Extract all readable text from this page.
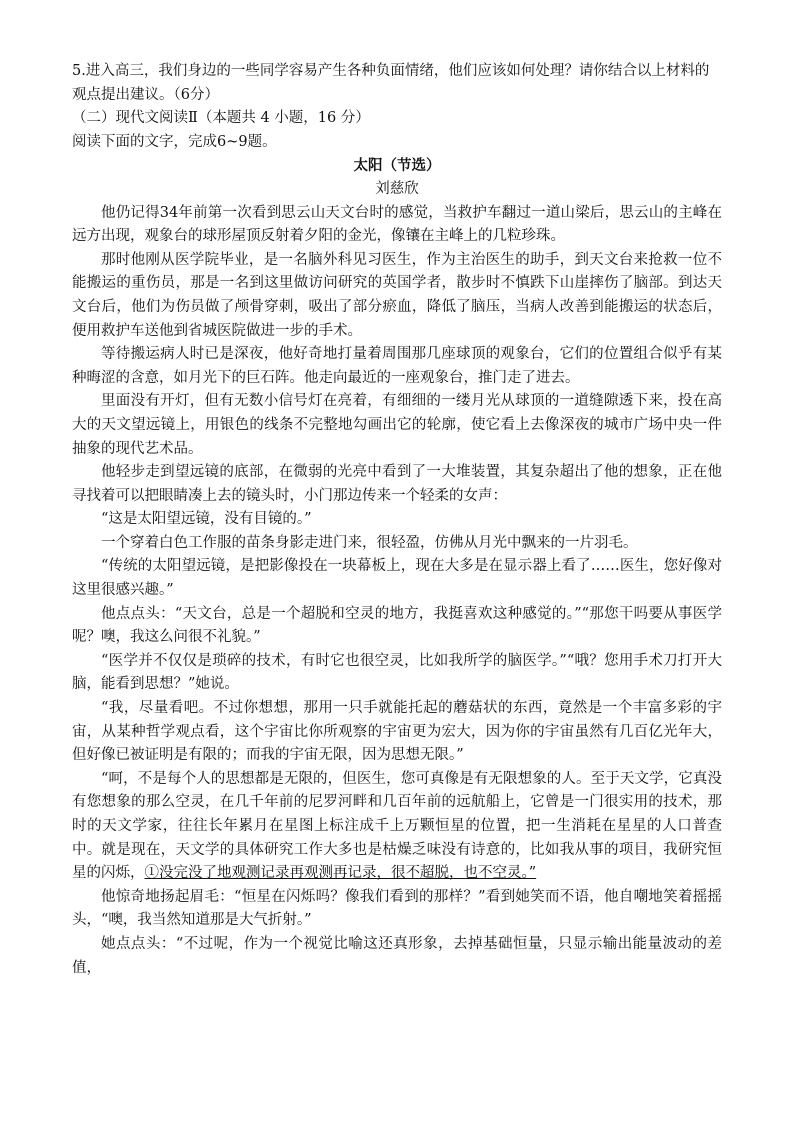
5.进入高三，我们身边的一些同学容易产生各种负面情绪，他们应该如何处理？请你结合以上材料的观点提出建议。（6分）

（二）现代文阅读Ⅱ（本题共 4 小题，16 分）

阅读下面的文字，完成6~9题。

太阳（节选）

刘慈欣

他仍记得34年前第一次看到思云山天文台时的感觉，当救护车翻过一道山梁后，思云山的主峰在远方出现，观象台的球形屋顶反射着夕阳的金光，像镶在主峰上的几粒珍珠。

那时他刚从医学院毕业，是一名脑外科见习医生，作为主治医生的助手，到天文台来抢救一位不能搬运的重伤员，那是一名到这里做访问研究的英国学者，散步时不慎跌下山崖摔伤了脑部。到达天文台后，他们为伤员做了颅骨穿刺，吸出了部分瘀血，降低了脑压，当病人改善到能搬运的状态后，便用救护车送他到省城医院做进一步的手术。

等待搬运病人时已是深夜，他好奇地打量着周围那几座球顶的观象台，它们的位置组合似乎有某种晦涩的含意，如月光下的巨石阵。他走向最近的一座观象台，推门走了进去。

里面没有开灯，但有无数小信号灯在亮着，有细细的一缕月光从球顶的一道缝隙透下来，投在高大的天文望远镜上，用银色的线条不完整地勾画出它的轮廓，使它看上去像深夜的城市广场中央一件抽象的现代艺术品。

他轻步走到望远镜的底部，在微弱的光亮中看到了一大堆装置，其复杂超出了他的想象，正在他寻找着可以把眼睛凑上去的镜头时，小门那边传来一个轻柔的女声：

“这是太阳望远镜，没有目镜的。”

一个穿着白色工作服的苗条身影走进门来，很轻盈，仿佛从月光中飘来的一片羽毛。

“传统的太阳望远镜，是把影像投在一块幕板上，现在大多是在显示器上看了……医生，您好像对这里很感兴趣。”

他点点头：“天文台，总是一个超脱和空灵的地方，我挺喜欢这种感觉的。”“那您干吗要从事医学呢？噢，我这么问很不礼貌。”

“医学并不仅仅是琐碎的技术，有时它也很空灵，比如我所学的脑医学。”“哦？您用手术刀打开大脑，能看到思想？”她说。

“我，尽量看吧。不过你想想，那用一只手就能托起的蘑菇状的东西，竟然是一个丰富多彩的宇宙，从某种哲学观点看，这个宇宙比你所观察的宇宙更为宏大，因为你的宇宙虽然有几百亿光年大，但好像已被证明是有限的；而我的宇宙无限，因为思想无限。”

“呵，不是每个人的思想都是无限的，但医生，您可真像是有无限想象的人。至于天文学，它真没有您想象的那么空灵，在几千年前的尼罗河畔和几百年前的远航船上，它曾是一门很实用的技术，那时的天文学家，往往长年累月在星图上标注成千上万颗恒星的位置，把一生消耗在星星的人口普查中。就是现在，天文学的具体研究工作大多也是枯燥乏味没有诗意的，比如我从事的项目，我研究恒星的闪烁，①没完没了地观测记录再观测再记录，很不超脱，也不空灵。”

他惊奇地扬起眉毛：“恒星在闪烁吗？像我们看到的那样？”看到她笑而不语，他自嘲地笑着摇摇头，“噢，我当然知道那是大气折射。”

她点点头：“不过呢，作为一个视觉比喻这还真形象，去掉基础恒量，只显示输出能量波动的差值，
